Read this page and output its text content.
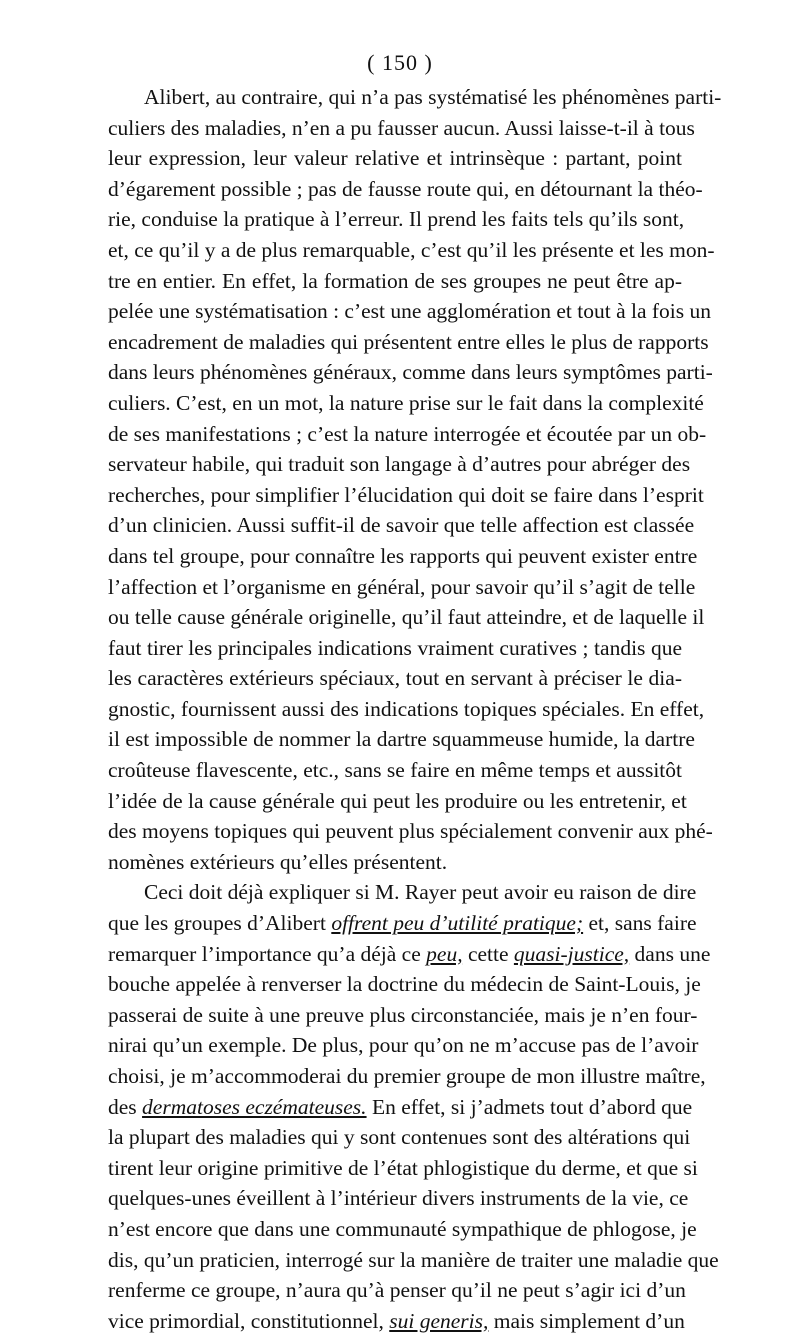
( 150 )
Alibert, au contraire, qui n’a pas systématisé les phénomènes parti-
culiers des maladies, n’en a pu fausser aucun. Aussi laisse-t-il à tous
leur expression, leur valeur relative et intrinsèque : partant, point
d’égarement possible ; pas de fausse route qui, en détournant la théo-
rie, conduise la pratique à l’erreur. Il prend les faits tels qu’ils sont,
et, ce qu’il y a de plus remarquable, c’est qu’il les présente et les mon-
tre en entier. En effet, la formation de ses groupes ne peut être ap-
pelée une systématisation : c’est une agglomération et tout à la fois un
encadrement de maladies qui présentent entre elles le plus de rapports
dans leurs phénomènes généraux, comme dans leurs symptômes parti-
culiers. C’est, en un mot, la nature prise sur le fait dans la complexité
de ses manifestations ; c’est la nature interrogée et écoutée par un ob-
servateur habile, qui traduit son langage à d’autres pour abréger des
recherches, pour simplifier l’élucidation qui doit se faire dans l’esprit
d’un clinicien. Aussi suffit-il de savoir que telle affection est classée
dans tel groupe, pour connaître les rapports qui peuvent exister entre
l’affection et l’organisme en général, pour savoir qu’il s’agit de telle
ou telle cause générale originelle, qu’il faut atteindre, et de laquelle il
faut tirer les principales indications vraiment curatives ; tandis que
les caractères extérieurs spéciaux, tout en servant à préciser le dia-
gnostic, fournissent aussi des indications topiques spéciales. En effet,
il est impossible de nommer la dartre squammeuse humide, la dartre
croûteuse flavescente, etc., sans se faire en même temps et aussitôt
l’idée de la cause générale qui peut les produire ou les entretenir, et
des moyens topiques qui peuvent plus spécialement convenir aux phé-
nomènes extérieurs qu’elles présentent.
Ceci doit déjà expliquer si M. Rayer peut avoir eu raison de dire
que les groupes d’Alibert offrent peu d’utilité pratique; et, sans faire
remarquer l’importance qu’a déjà ce peu, cette quasi-justice, dans une
bouche appelée à renverser la doctrine du médecin de Saint-Louis, je
passerai de suite à une preuve plus circonstanciée, mais je n’en four-
nirai qu’un exemple. De plus, pour qu’on ne m’accuse pas de l’avoir
choisi, je m’accommoderai du premier groupe de mon illustre maître,
des dermatoses eczémateuses. En effet, si j’admets tout d’abord que
la plupart des maladies qui y sont contenues sont des altérations qui
tirent leur origine primitive de l’état phlogistique du derme, et que si
quelques-unes éveillent à l’intérieur divers instruments de la vie, ce
n’est encore que dans une communauté sympathique de phlogose, je
dis, qu’un praticien, interrogé sur la manière de traiter une maladie que
renferme ce groupe, n’aura qu’à penser qu’il ne peut s’agir ici d’un
vice primordial, constitutionnel, sui generis, mais simplement d’un
